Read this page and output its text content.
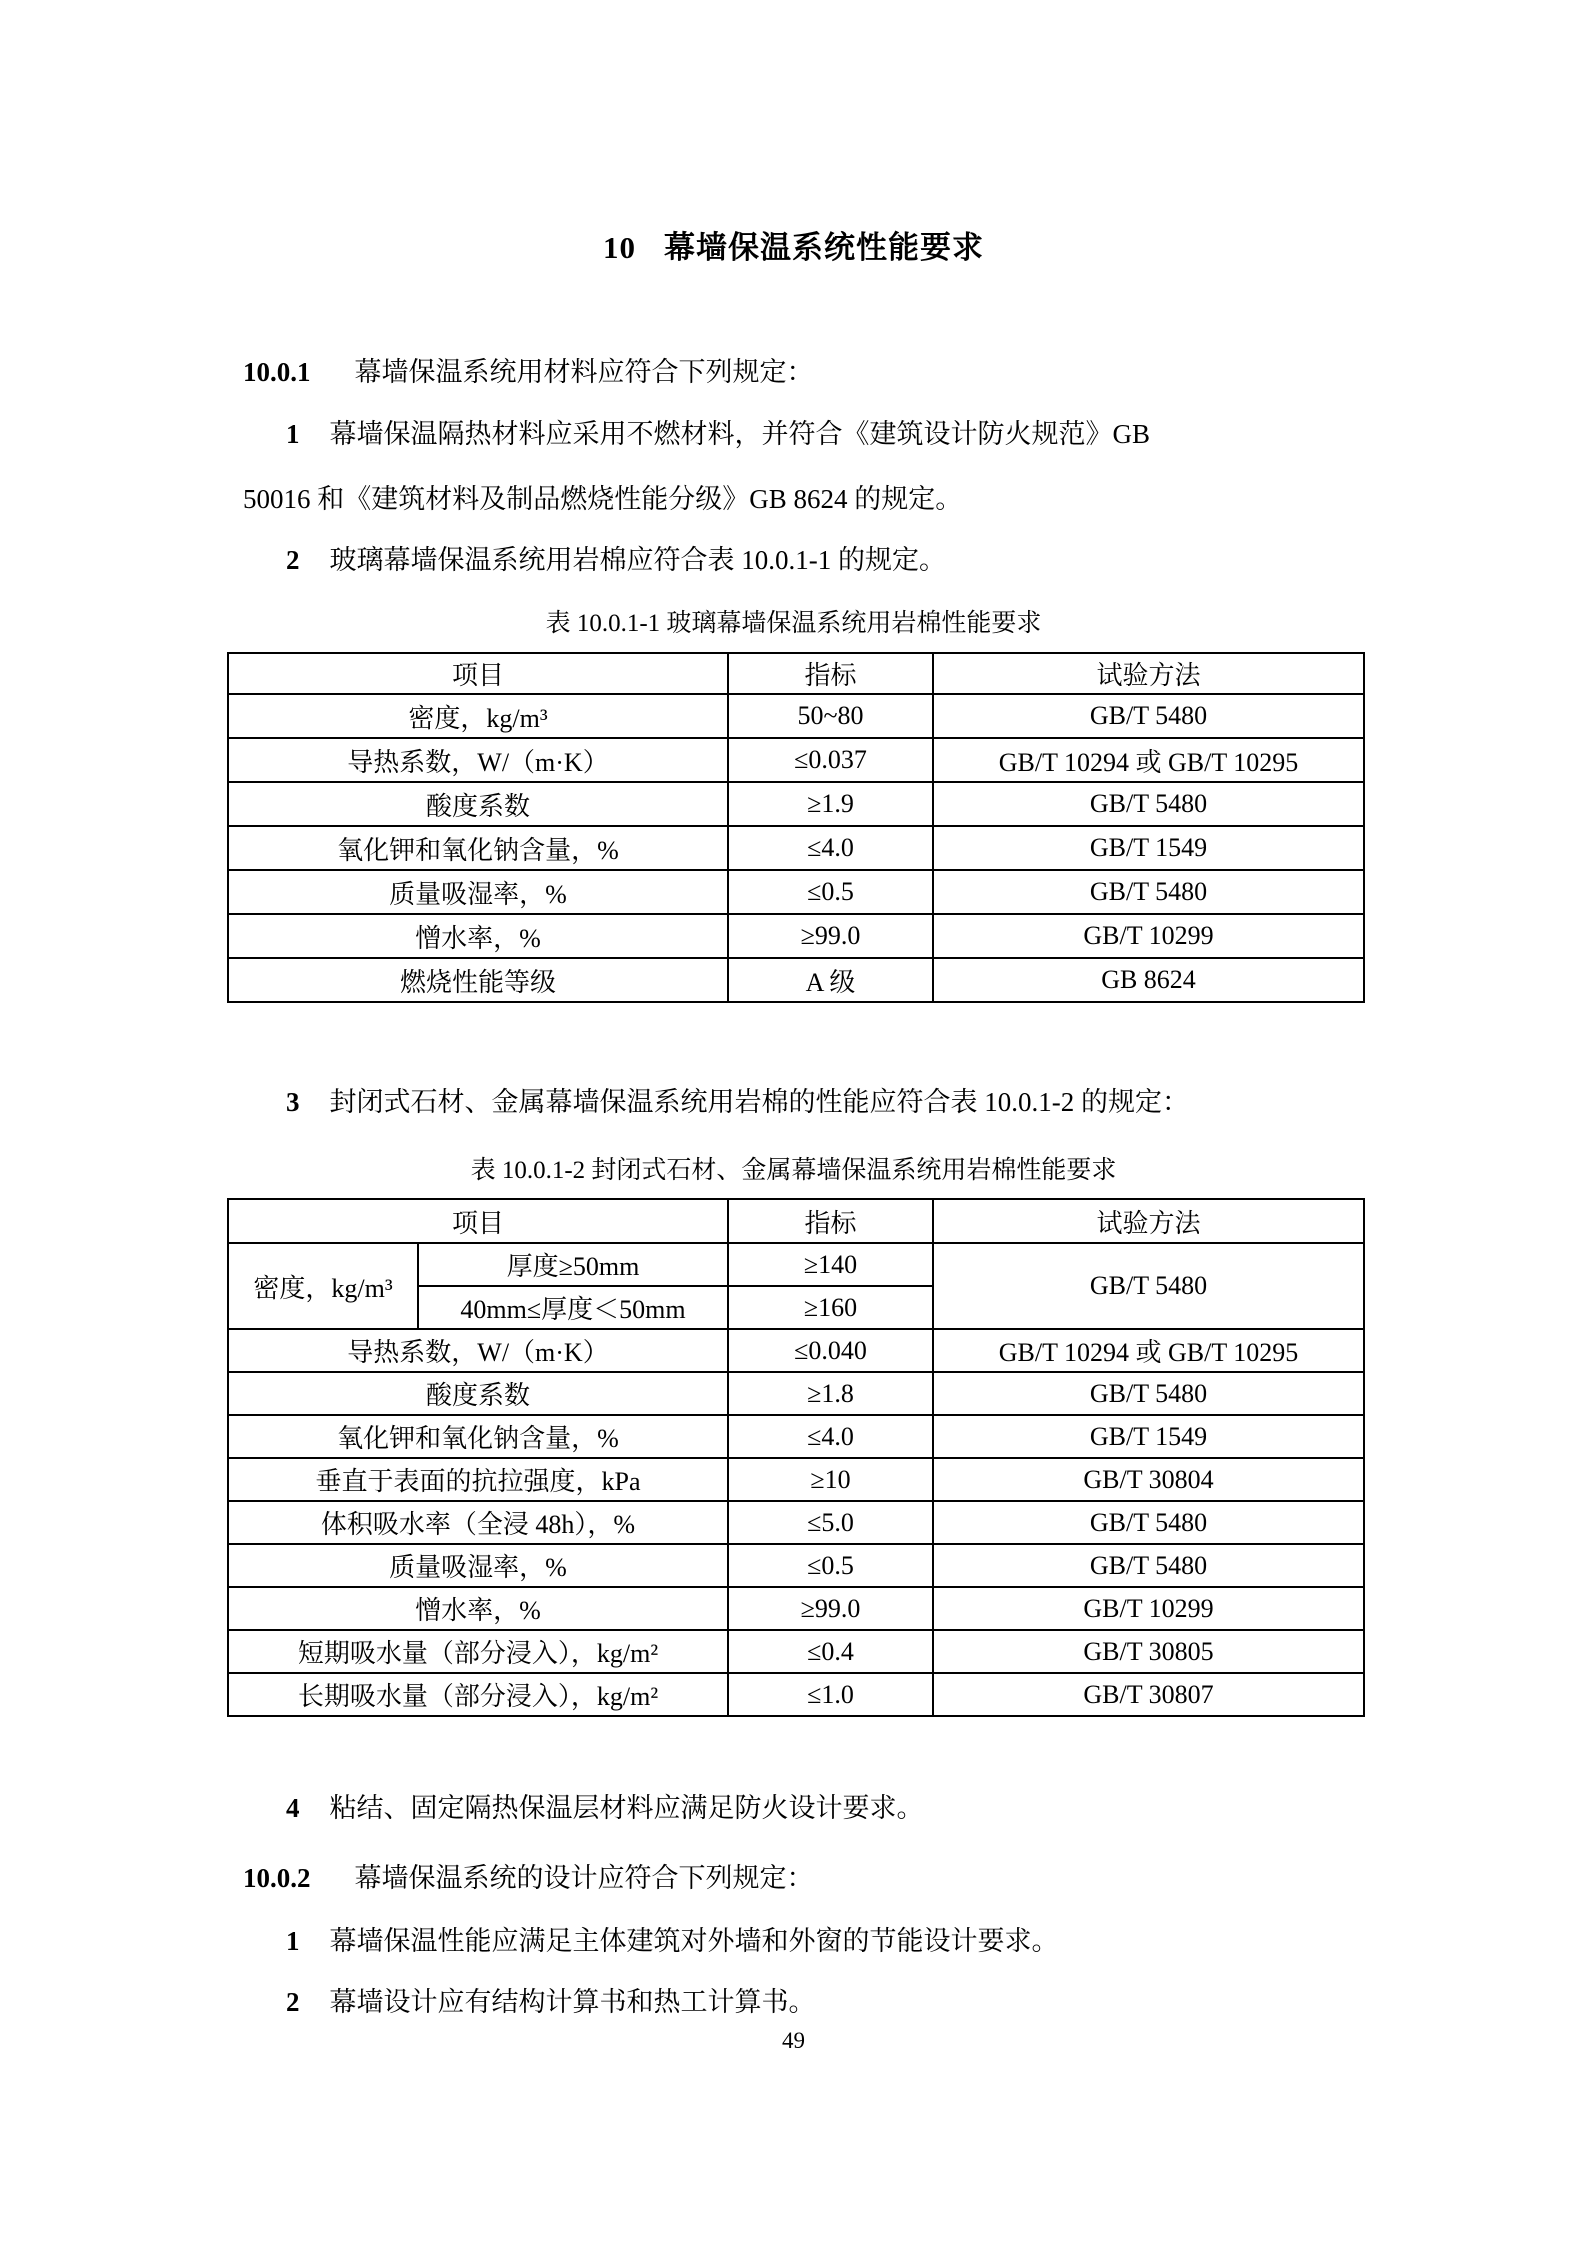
10 幕墙保温系统性能要求
10.0.1 幕墙保温系统用材料应符合下列规定：
1 幕墙保温隔热材料应采用不燃材料，并符合《建筑设计防火规范》GB
50016 和《建筑材料及制品燃烧性能分级》GB 8624 的规定。
2 玻璃幕墙保温系统用岩棉应符合表 10.0.1-1 的规定。
表 10.0.1-1 玻璃幕墙保温系统用岩棉性能要求
项目	指标	试验方法
密度，kg/m³	50~80	GB/T 5480
导热系数，W/（m·K）	≤0.037	GB/T 10294 或 GB/T 10295
酸度系数	≥1.9	GB/T 5480
氧化钾和氧化钠含量，%	≤4.0	GB/T 1549
质量吸湿率，%	≤0.5	GB/T 5480
憎水率，%	≥99.0	GB/T 10299
燃烧性能等级	A 级	GB 8624
3 封闭式石材、金属幕墙保温系统用岩棉的性能应符合表 10.0.1-2 的规定：
表 10.0.1-2 封闭式石材、金属幕墙保温系统用岩棉性能要求
项目		指标	试验方法
密度，kg/m³	厚度≥50mm	≥140	GB/T 5480
	40mm≤厚度＜50mm	≥160	
导热系数，W/（m·K）		≤0.040	GB/T 10294 或 GB/T 10295
酸度系数		≥1.8	GB/T 5480
氧化钾和氧化钠含量，%		≤4.0	GB/T 1549
垂直于表面的抗拉强度，kPa		≥10	GB/T 30804
体积吸水率（全浸 48h），%		≤5.0	GB/T 5480
质量吸湿率，%		≤0.5	GB/T 5480
憎水率，%		≥99.0	GB/T 10299
短期吸水量（部分浸入），kg/m²		≤0.4	GB/T 30805
长期吸水量（部分浸入），kg/m²		≤1.0	GB/T 30807
4 粘结、固定隔热保温层材料应满足防火设计要求。
10.0.2 幕墙保温系统的设计应符合下列规定：
1 幕墙保温性能应满足主体建筑对外墙和外窗的节能设计要求。
2 幕墙设计应有结构计算书和热工计算书。
49
